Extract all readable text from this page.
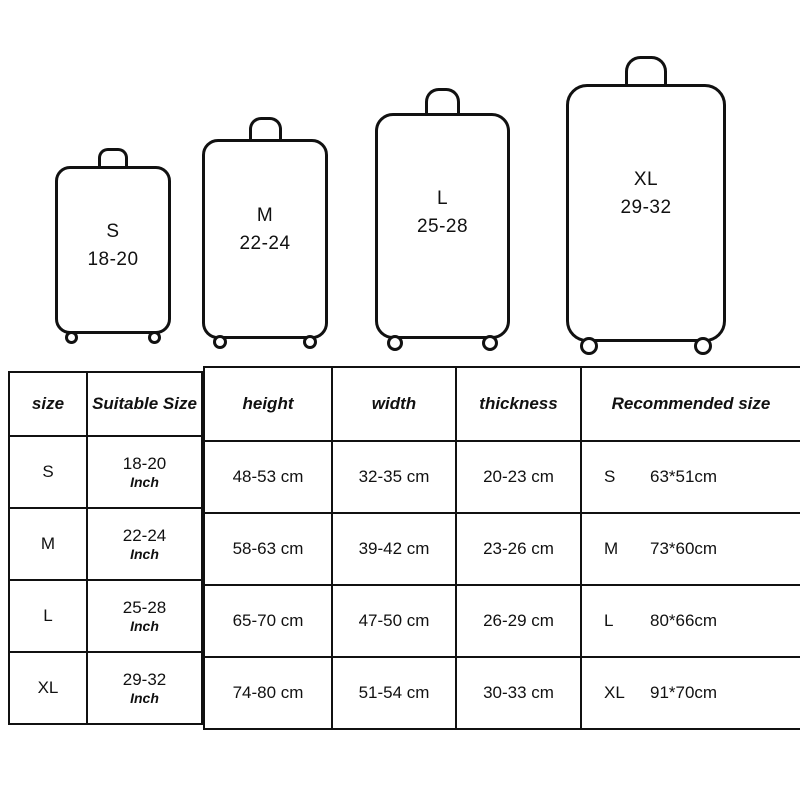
S
18-20
M
22-24
L
25-28
XL
29-32
size	Suitable Size
S	18-20
Inch

M	22-24
Inch

L	25-28
Inch

XL	29-32
Inch
height	width	thickness	Recommended size
48-53 cm	32-35 cm	20-23 cm	S 63*51cm

58-63 cm	39-42 cm	23-26 cm	M 73*60cm

65-70 cm	47-50 cm	26-29 cm	L 80*66cm

74-80 cm	51-54 cm	30-33 cm	XL 91*70cm
